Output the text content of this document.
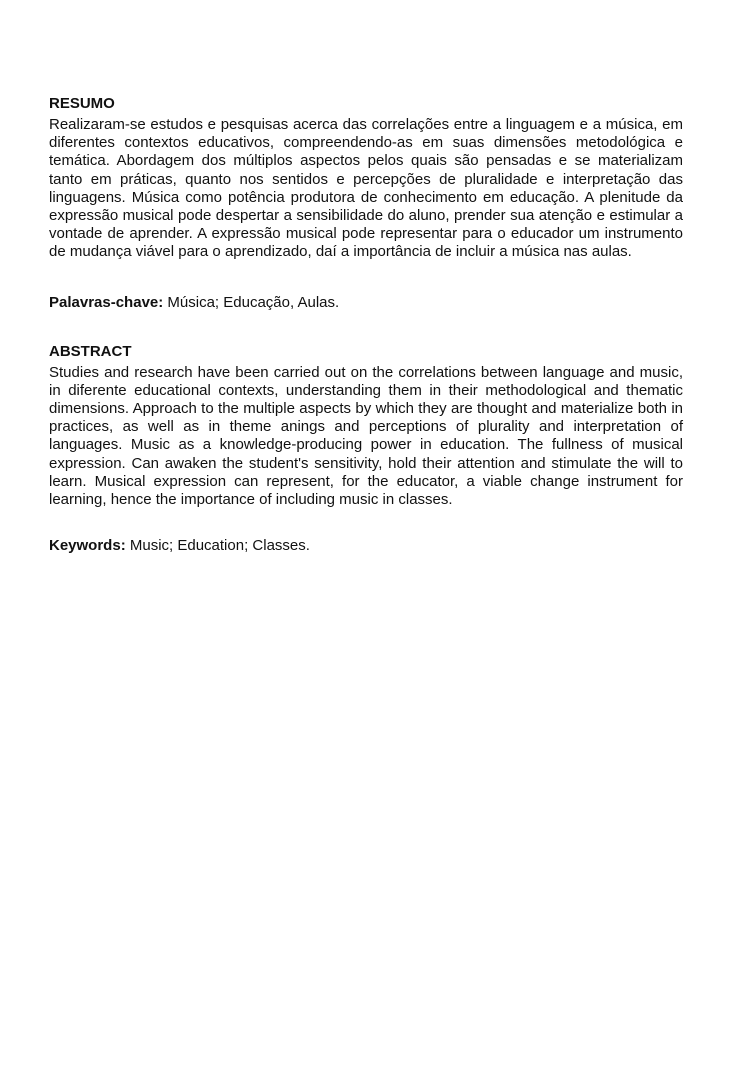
RESUMO

Realizaram-se estudos e pesquisas acerca das correlações entre a linguagem e a música, em diferentes contextos educativos, compreendendo-as em suas dimensões metodológica e temática. Abordagem dos múltiplos aspectos pelos quais são pensadas e se materializam tanto em práticas, quanto nos sentidos e percepções de pluralidade e interpretação das linguagens. Música como potência produtora de conhecimento em educação. A plenitude da expressão musical pode despertar a sensibilidade do aluno, prender sua atenção e estimular a vontade de aprender. A expressão musical pode representar para o educador um instrumento de mudança viável para o aprendizado, daí a importância de incluir a música nas aulas.

Palavras-chave: Música; Educação, Aulas.

ABSTRACT

Studies and research have been carried out on the correlations between language and music, in diferente educational contexts, understanding them in their methodological and thematic dimensions. Approach to the multiple aspects by which they are thought and materialize both in practices, as well as in theme anings and perceptions of plurality and interpretation of languages. Music as a knowledge-producing power in education. The fullness of musical expression. Can awaken the student's sensitivity, hold their attention and stimulate the will to learn. Musical expression can represent, for the educator, a viable change instrument for learning, hence the importance of including music in classes.

Keywords: Music; Education; Classes.
